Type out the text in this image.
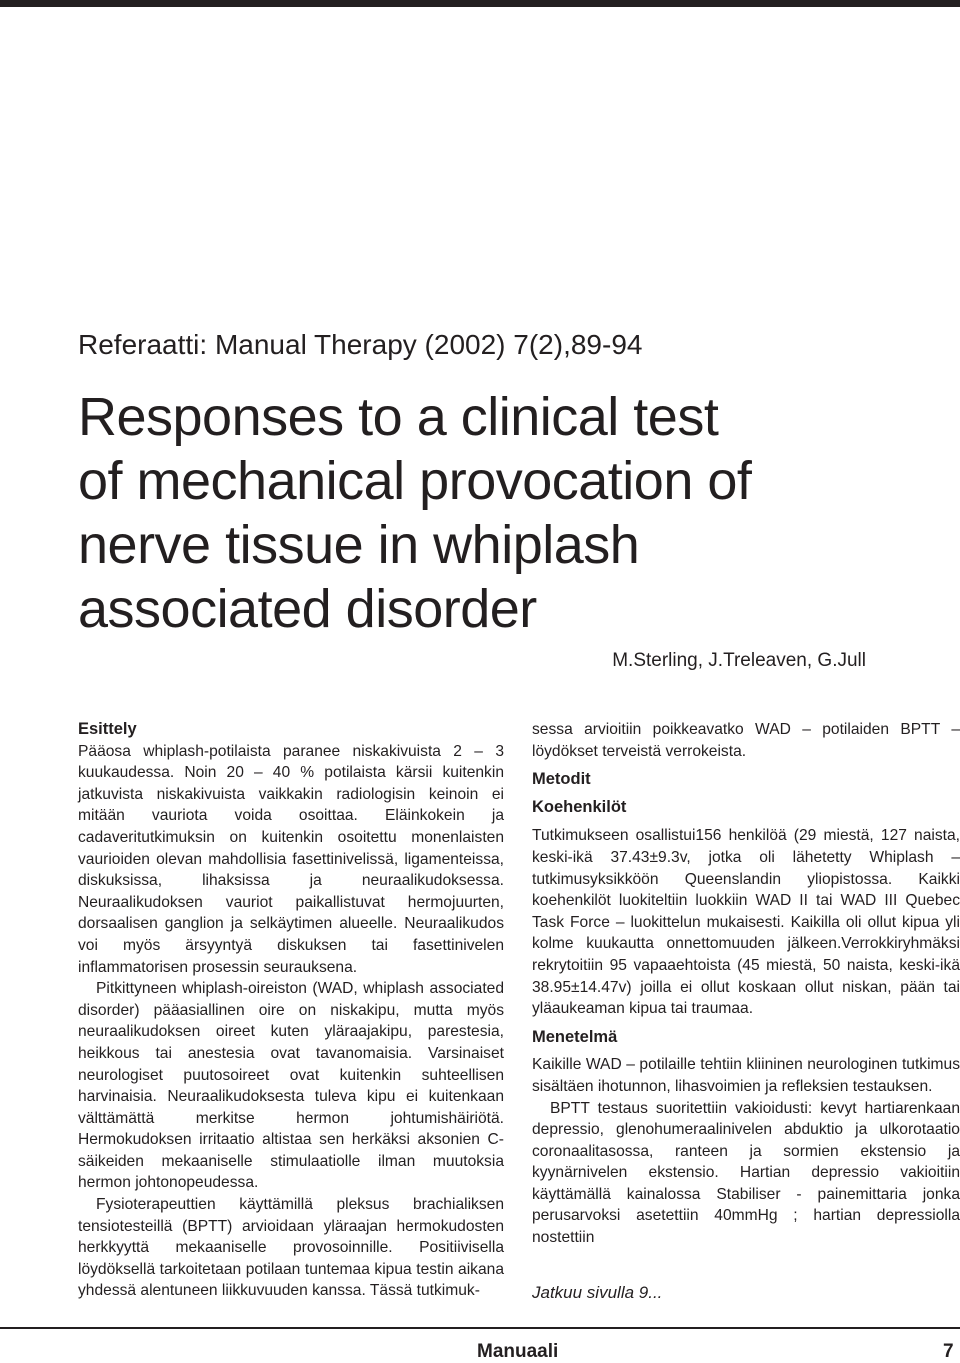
Referaatti: Manual Therapy (2002) 7(2),89-94
Responses to a clinical test
of mechanical provocation of
nerve tissue in whiplash
associated disorder
M.Sterling, J.Treleaven, G.Jull
Esittely

Pääosa whiplash-potilaista paranee niskakivuista 2 – 3 kuukaudessa. Noin 20 – 40 % potilaista kärsii kuitenkin jatkuvista niskakivuista vaikkakin radiologisin keinoin ei mitään vauriota voida osoittaa. Eläinkokein ja cadaveritutkimuksin on kuitenkin osoitettu monenlaisten vaurioiden olevan mahdollisia fasettinivelissä, ligamenteissa, diskuksissa, lihaksissa ja neuraalikudoksessa. Neuraalikudoksen vauriot paikallistuvat hermojuurten, dorsaalisen ganglion ja selkäytimen alueelle. Neuraalikudos voi myös ärsyyntyä diskuksen tai fasettinivelen inflammatorisen prosessin seurauksena.

Pitkittyneen whiplash-oireiston (WAD, whiplash associated disorder) pääasiallinen oire on niskakipu, mutta myös neuraalikudoksen oireet kuten yläraajakipu, parestesia, heikkous tai anestesia ovat tavanomaisia. Varsinaiset neurologiset puutosoireet ovat kuitenkin suhteellisen harvinaisia. Neuraalikudoksesta tuleva kipu ei kuitenkaan välttämättä merkitse hermon johtumishäiriötä. Hermokudoksen irritaatio altistaa sen herkäksi aksonien C-säikeiden mekaaniselle stimulaatiolle ilman muutoksia hermon johtonopeudessa.

Fysioterapeuttien käyttämillä pleksus brachialiksen tensiotesteillä (BPTT) arvioidaan yläraajan hermokudosten herkkyyttä mekaaniselle provosoinnille. Positiivisella löydöksellä tarkoitetaan potilaan tuntemaa kipua testin aikana yhdessä alentuneen liikkuvuuden kanssa. Tässä tutkimuk-

sessa arvioitiin poikkeavatko WAD – potilaiden BPTT – löydökset terveistä verrokeista.

Metodit
Koehenkilöt

Tutkimukseen osallistui156 henkilöä (29 miestä, 127 naista, keski-ikä 37.43±9.3v, jotka oli lähetetty Whiplash – tutkimusyksikköön Queenslandin yliopistossa. Kaikki koehenkilöt luokiteltiin luokkiin WAD II tai WAD III Quebec Task Force – luokittelun mukaisesti. Kaikilla oli ollut kipua yli kolme kuukautta onnettomuuden jälkeen.Verrokkiryhmäksi rekrytoitiin 95 vapaaehtoista (45 miestä, 50 naista, keski-ikä 38.95±14.47v) joilla ei ollut koskaan ollut niskan, pään tai yläaukeaman kipua tai traumaa.

Menetelmä

Kaikille WAD – potilaille tehtiin kliininen neurologinen tutkimus sisältäen ihotunnon, lihasvoimien ja refleksien testauksen.

BPTT testaus suoritettiin vakioidusti: kevyt hartiarenkaan depressio, glenohumeraalinivelen abduktio ja ulkorotaatio coronaalitasossa, ranteen ja sormien ekstensio ja kyynärnivelen ekstensio. Hartian depressio vakioitiin käyttämällä kainalossa Stabiliser - painemittaria jonka perusarvoksi asetettiin 40mmHg ; hartian depressiolla nostettiin

Jatkuu sivulla 9...
Manuaali	7
